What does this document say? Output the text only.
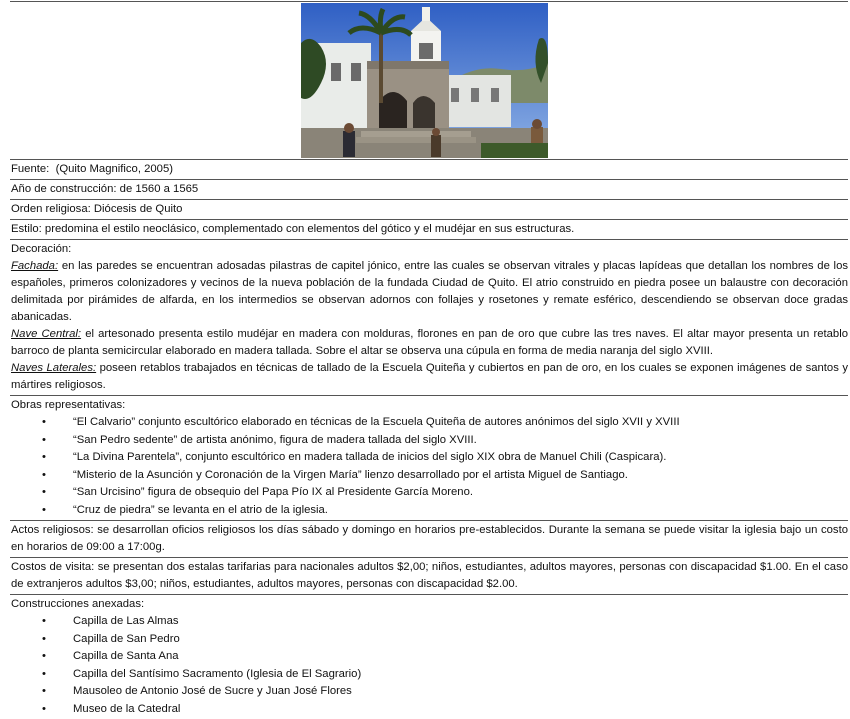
Fuente: (Quito Magnifico, 2005)
Año de construcción: de 1560 a 1565
Orden religiosa: Diócesis de Quito
Estilo: predomina el estilo neoclásico, complementado con elementos del gótico y el mudéjar en sus estructuras.
Decoración:
Fachada: en las paredes se encuentran adosadas pilastras de capitel jónico, entre las cuales se observan vitrales y placas lapídeas que detallan los nombres de los españoles, primeros colonizadores y vecinos de la nueva población de la fundada Ciudad de Quito. El atrio construido en piedra posee un balaustre con decoración delimitada por pirámides de alfarda, en los intermedios se observan adornos con follajes y rosetones y remate esférico, descendiendo se observan doce gradas abanicadas.
Nave Central: el artesonado presenta estilo mudéjar en madera con molduras, florones en pan de oro que cubre las tres naves. El altar mayor presenta un retablo barroco de planta semicircular elaborado en madera tallada. Sobre el altar se observa una cúpula en forma de media naranja del siglo XVIII.
Naves Laterales: poseen retablos trabajados en técnicas de tallado de la Escuela Quiteña y cubiertos en pan de oro, en los cuales se exponen imágenes de santos y mártires religiosos.
Obras representativas:
• “El Calvario” conjunto escultórico elaborado en técnicas de la Escuela Quiteña de autores anónimos del siglo XVII y XVIII
• “San Pedro sedente” de artista anónimo, figura de madera tallada del siglo XVIII.
• “La Divina Parentela”, conjunto escultórico en madera tallada de inicios del siglo XIX obra de Manuel Chili (Caspicara).
• “Misterio de la Asunción y Coronación de la Virgen María” lienzo desarrollado por el artista Miguel de Santiago.
• “San Urcisino” figura de obsequio del Papa Pío IX al Presidente García Moreno.
• “Cruz de piedra” se levanta en el atrio de la iglesia.
Actos religiosos: se desarrollan oficios religiosos los días sábado y domingo en horarios pre-establecidos. Durante la semana se puede visitar la iglesia bajo un costo en horarios de 09:00 a 17:00g.
Costos de visita: se presentan dos estalas tarifarias para nacionales adultos $2,00; niños, estudiantes, adultos mayores, personas con discapacidad $1.00. En el caso de extranjeros adultos $3,00; niños, estudiantes, adultos mayores, personas con discapacidad $2.00.
Construcciones anexadas:
• Capilla de Las Almas
• Capilla de San Pedro
• Capilla de Santa Ana
• Capilla del Santísimo Sacramento (Iglesia de El Sagrario)
• Mausoleo de Antonio José de Sucre y Juan José Flores
• Museo de la Catedral
